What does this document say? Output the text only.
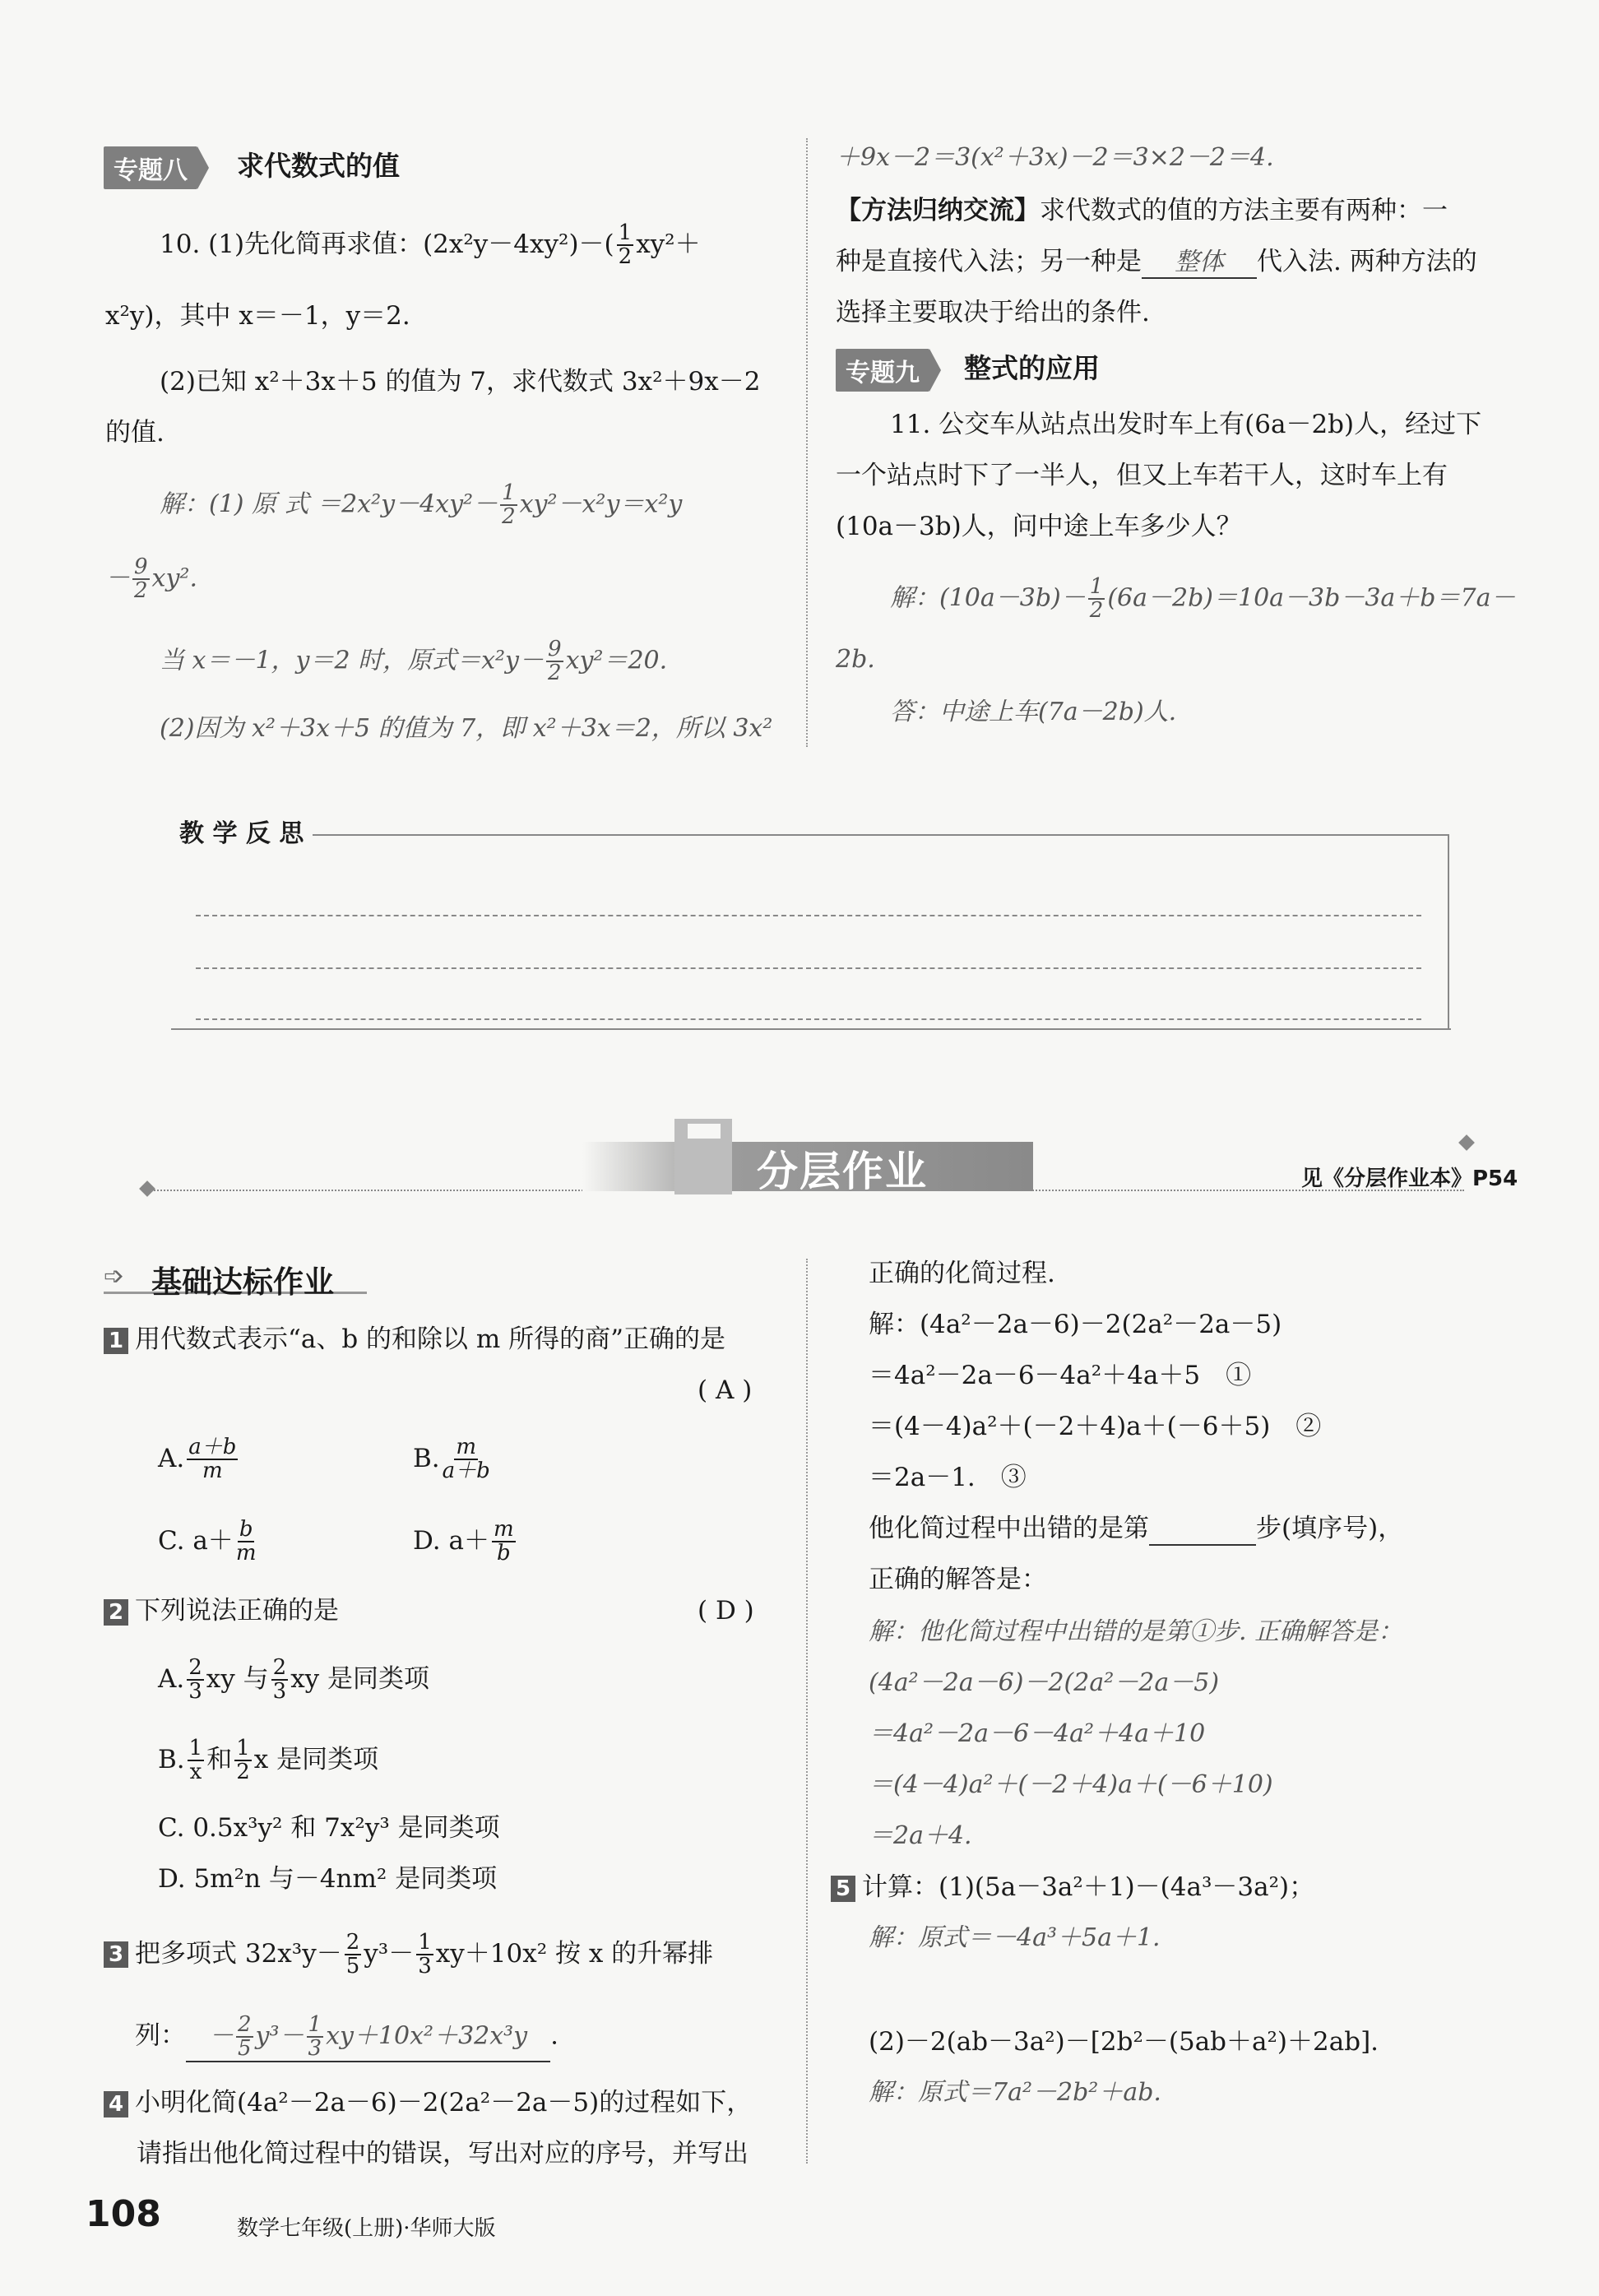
专题八	求代数式的值
10. (1)先化简再求值：$(2x^2y-4xy^2)-( \frac{1}{2} xy^2+$
x²y)，其中 x＝－1，y＝2.
(2)已知 x²＋3x＋5 的值为 7，求代数式 3x²＋9x－2
的值.
解：(1) 原 式 $=2x^2y-4xy^2- \frac{1}{2} xy^2-x^2y=x^2y$
－ $\frac{9}{2} xy^2$.
当 x＝－1，y＝2 时，原式$=x^2y- \frac{9}{2} xy^2=20$.
(2)因为 x²＋3x＋5 的值为 7，即 x²＋3x＝2，所以 3x²
＋9x－2＝3(x²＋3x)－2＝3×2－2＝4.
【方法归纳交流】求代数式的值的方法主要有两种：一
种是直接代入法；另一种是 整体 代入法. 两种方法的
选择主要取决于给出的条件.
专题九	整式的应用
11. 公交车从站点出发时车上有(6a－2b)人，经过下
一个站点时下了一半人，但又上车若干人，这时车上有
(10a－3b)人，问中途上车多少人？
解：$(10a-3b)- \frac{1}{2} (6a-2b)=10a-3b-3a+b=7a-$
2b.
答：中途上车(7a－2b)人.
教 学 反 思
分层作业	见《分层作业本》P54
➩ 基础达标作业
1 用代数式表示“a、b 的和除以 m 所得的商”正确的是
( A )
A. $\frac{a+b}{m}$	B. $\frac{m}{a+b}$
C. $a+ \frac{b}{m}$	D. $a+ \frac{m}{b}$
2 下列说法正确的是	( D )
A. $\frac{2}{3}$ xy 与 $\frac{2}{3}$ xy 是同类项
B. $\frac{1}{x}$ 和 $\frac{1}{2}$ x 是同类项
C. 0.5x³y² 和 7x²y³ 是同类项
D. 5m²n 与－4nm² 是同类项
3 把多项式 $32x^3y- \frac{2}{5} y^3- \frac{1}{3} xy+10x^2$ 按 x 的升幂排
列： － $\frac{2}{5} y^3- \frac{1}{3} xy+10x^2+32x^3y$ .
4 小明化简(4a²－2a－6)－2(2a²－2a－5)的过程如下，
请指出他化简过程中的错误，写出对应的序号，并写出
正确的化简过程.
解：(4a²－2a－6)－2(2a²－2a－5)
＝4a²－2a－6－4a²＋4a＋5　①
＝(4－4)a²＋(－2＋4)a＋(－6＋5)　②
＝2a－1.　③
他化简过程中出错的是第	步(填序号)，
正确的解答是：
解：他化简过程中出错的是第①步. 正确解答是：
(4a²－2a－6)－2(2a²－2a－5)
＝4a²－2a－6－4a²＋4a＋10
＝(4－4)a²＋(－2＋4)a＋(－6＋10)
＝2a＋4.
5 计算：(1)(5a－3a²＋1)－(4a³－3a²)；
解：原式＝－4a³＋5a＋1.
(2)－2(ab－3a²)－[2b²－(5ab＋a²)＋2ab].
解：原式＝7a²－2b²＋ab.
108	数学七年级(上册)·华师大版
